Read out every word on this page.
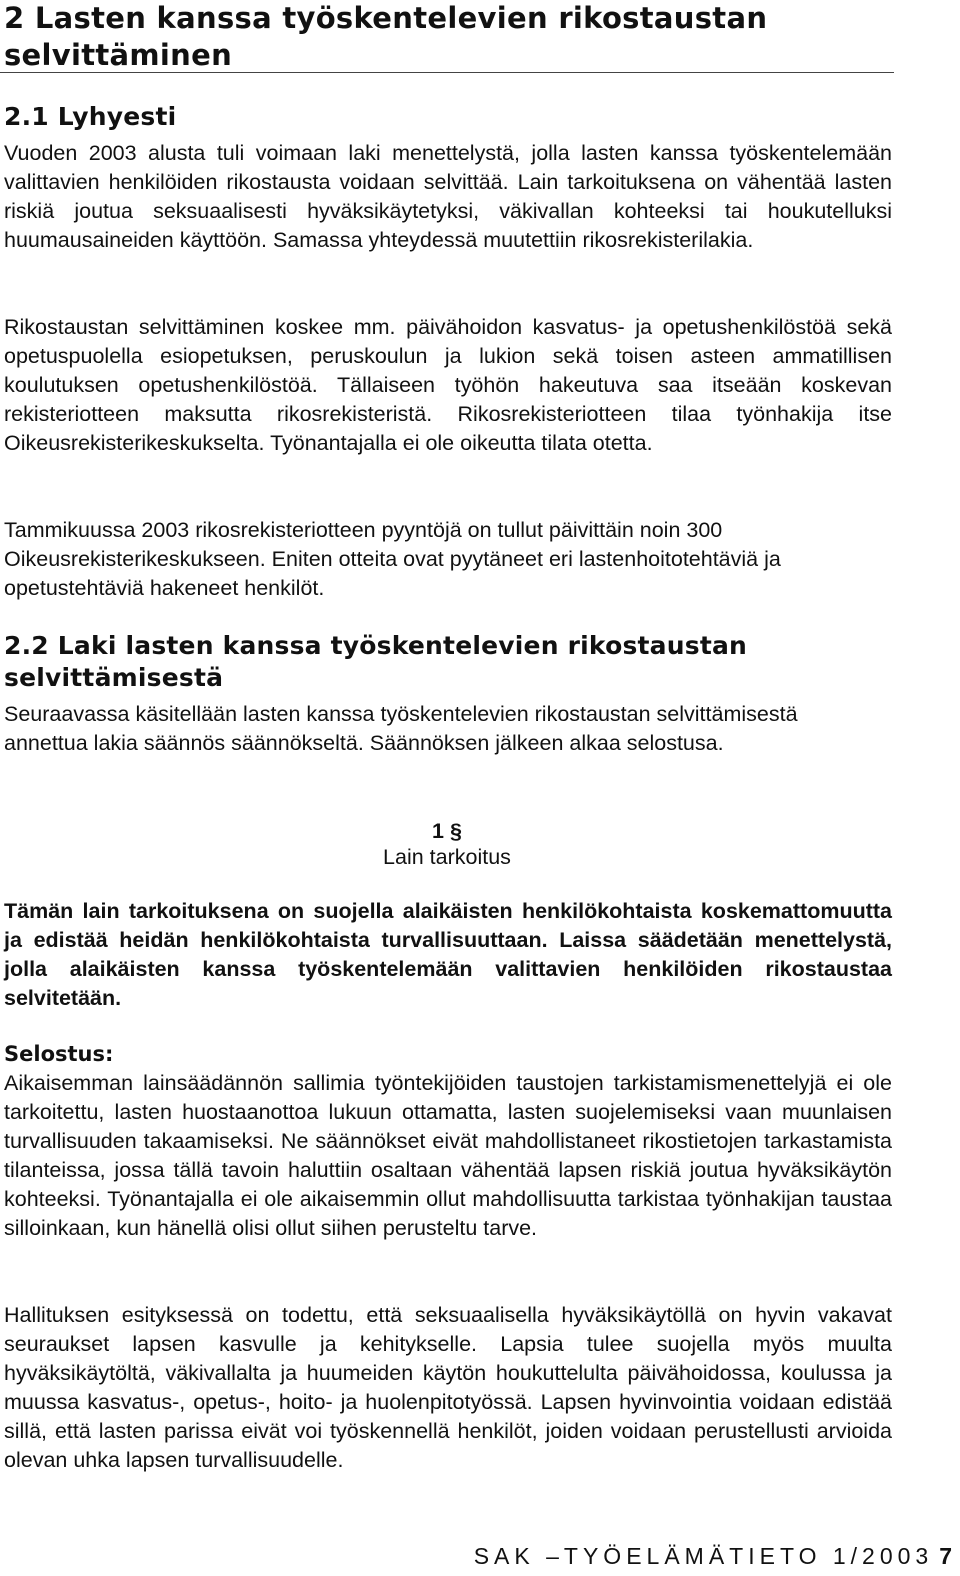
2 Lasten kanssa työskentelevien rikostaustan selvittäminen
2.1 Lyhyesti

Vuoden 2003 alusta tuli voimaan laki menettelystä, jolla lasten kanssa työskentelemään valittavien henkilöiden rikostausta voidaan selvittää. Lain tarkoituksena on vähentää lasten riskiä joutua seksuaalisesti hyväksikäytetyksi, väkivallan kohteeksi tai houkutelluksi huumausaineiden käyttöön. Samassa yhteydessä muutettiin rikosrekisterilakia.

Rikostaustan selvittäminen koskee mm. päivähoidon kasvatus- ja opetushenkilöstöä sekä opetuspuolella esiopetuksen, peruskoulun ja lukion sekä toisen asteen ammatillisen koulutuksen opetushenkilöstöä. Tällaiseen työhön hakeutuva saa itseään koskevan rekisteriotteen maksutta rikosrekisteristä. Rikosrekisteriotteen tilaa työnhakija itse Oikeusrekisterikeskukselta. Työnantajalla ei ole oikeutta tilata otetta.

Tammikuussa 2003 rikosrekisteriotteen pyyntöjä on tullut päivittäin noin 300 Oikeusrekisterikeskukseen. Eniten otteita ovat pyytäneet eri lastenhoitotehtäviä ja opetustehtäviä hakeneet henkilöt.

2.2 Laki lasten kanssa työskentelevien rikostaustan selvittämisestä

Seuraavassa käsitellään lasten kanssa työskentelevien rikostaustan selvittämisestä annettua lakia säännös säännökseltä. Säännöksen jälkeen alkaa selostusa.

1 §

Lain tarkoitus

Tämän lain tarkoituksena on suojella alaikäisten henkilökohtaista koskemattomuutta ja edistää heidän henkilökohtaista turvallisuuttaan. Laissa säädetään menettelystä, jolla alaikäisten kanssa työskentelemään valittavien henkilöiden rikostaustaa selvitetään.

Selostus:

Aikaisemman lainsäädännön sallimia työntekijöiden taustojen tarkistamismenettelyjä ei ole tarkoitettu, lasten huostaanottoa lukuun ottamatta, lasten suojelemiseksi vaan muunlaisen turvallisuuden takaamiseksi. Ne säännökset eivät mahdollistaneet rikostietojen tarkastamista tilanteissa, jossa tällä tavoin haluttiin osaltaan vähentää lapsen riskiä joutua hyväksikäytön kohteeksi. Työnantajalla ei ole aikaisemmin ollut mahdollisuutta tarkistaa työnhakijan taustaa silloinkaan, kun hänellä olisi ollut siihen perusteltu tarve.

Hallituksen esityksessä on todettu, että seksuaalisella hyväksikäytöllä on hyvin vakavat seuraukset lapsen kasvulle ja kehitykselle. Lapsia tulee suojella myös muulta hyväksikäytöltä, väkivallalta ja huumeiden käytön houkuttelulta päivähoidossa, koulussa ja muussa kasvatus-, opetus-, hoito- ja huolenpitotyössä. Lapsen hyvinvointia voidaan edistää sillä, että lasten parissa eivät voi työskennellä henkilöt, joiden voidaan perustellusti arvioida olevan uhka lapsen turvallisuudelle.

SAK –TYÖELÄMÄTIETO 1/2003 7
